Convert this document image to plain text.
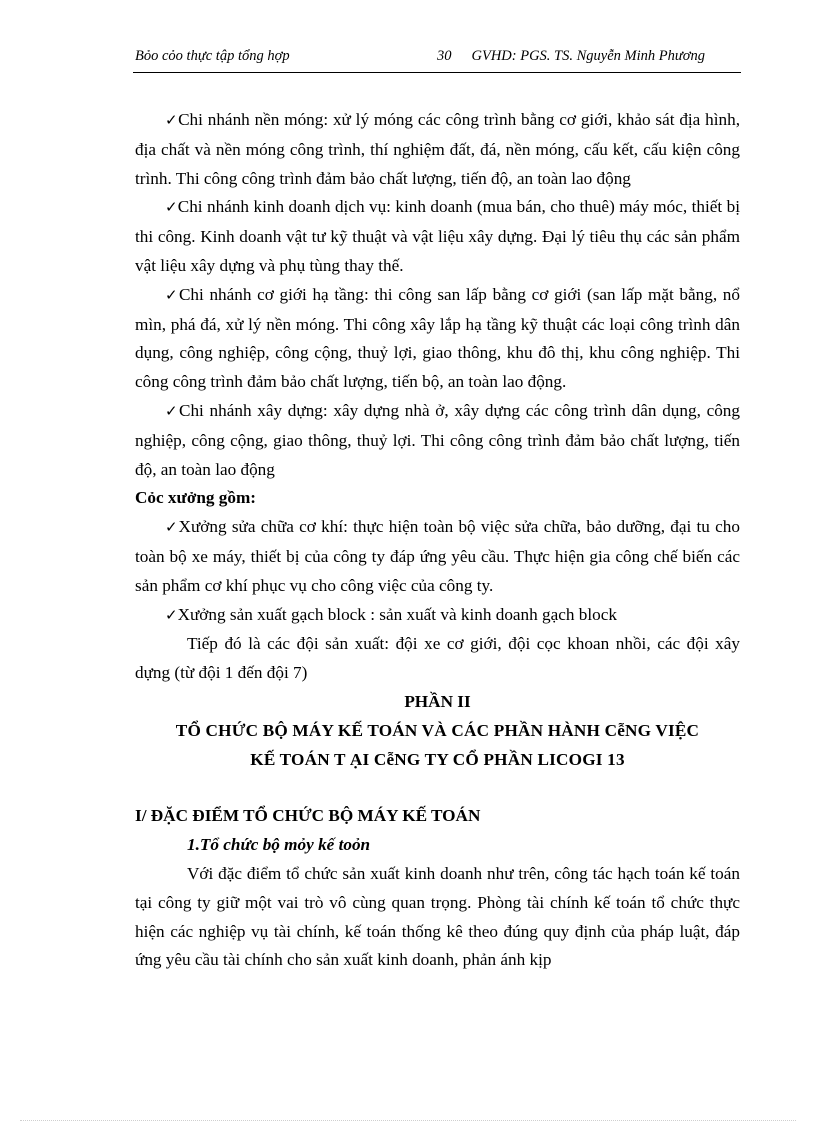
Bỏo cỏo thực tập tổng hợp	30 GVHD: PGS. TS. Nguyễn Minh Phương

✓Chi nhánh nền móng: xử lý móng các công trình bằng cơ giới, khảo sát địa hình, địa chất và nền móng công trình, thí nghiệm đất, đá, nền móng, cấu kết, cấu kiện công trình. Thi công công trình đảm bảo chất lượng, tiến độ, an toàn lao động

✓Chi nhánh kinh doanh dịch vụ: kinh doanh (mua bán, cho thuê) máy móc, thiết bị thi công. Kinh doanh vật tư kỹ thuật và vật liệu xây dựng. Đại lý tiêu thụ các sản phẩm vật liệu xây dựng và phụ tùng thay thế.

✓Chi nhánh cơ giới hạ tầng: thi công san lấp bằng cơ giới (san lấp mặt bằng, nổ mìn, phá đá, xử lý nền móng. Thi công xây lắp hạ tầng kỹ thuật các loại công trình dân dụng, công nghiệp, công cộng, thuỷ lợi, giao thông, khu đô thị, khu công nghiệp. Thi công công trình đảm bảo chất lượng, tiến bộ, an toàn lao động.

✓Chi nhánh xây dựng: xây dựng nhà ở, xây dựng các công trình dân dụng, công nghiệp, công cộng, giao thông, thuỷ lợi. Thi công công trình đảm bảo chất lượng, tiến độ, an toàn lao động

Cỏc xưởng gồm:

✓Xưởng sửa chữa cơ khí: thực hiện toàn bộ việc sửa chữa, bảo dưỡng, đại tu cho toàn bộ xe máy, thiết bị của công ty đáp ứng yêu cầu. Thực hiện gia công chế biến các sản phẩm cơ khí phục vụ cho công việc của công ty.

✓Xưởng sản xuất gạch block : sản xuất và kinh doanh gạch block

Tiếp đó là các đội sản xuất: đội xe cơ giới, đội cọc khoan nhồi, các đội xây dựng (từ đội 1 đến đội 7)

PHẦN II

TỔ CHỨC BỘ MÁY KẾ TOÁN VÀ CÁC PHẦN HÀNH CễNG VIỆC

KẾ TOÁN T ẠI CễNG TY CỔ PHẦN LICOGI 13

I/ ĐẶC ĐIỂM TỔ CHỨC BỘ MÁY KẾ TOÁN

1.Tổ chức bộ mỏy kế toỏn

Với đặc điểm tổ chức sản xuất kinh doanh như trên, công tác hạch toán kế toán tại công ty giữ một vai trò vô cùng quan trọng. Phòng tài chính kế toán tổ chức thực hiện các nghiệp vụ tài chính, kế toán thống kê theo đúng quy định của pháp luật, đáp ứng yêu cầu tài chính cho sản xuất kinh doanh, phản ánh kịp
